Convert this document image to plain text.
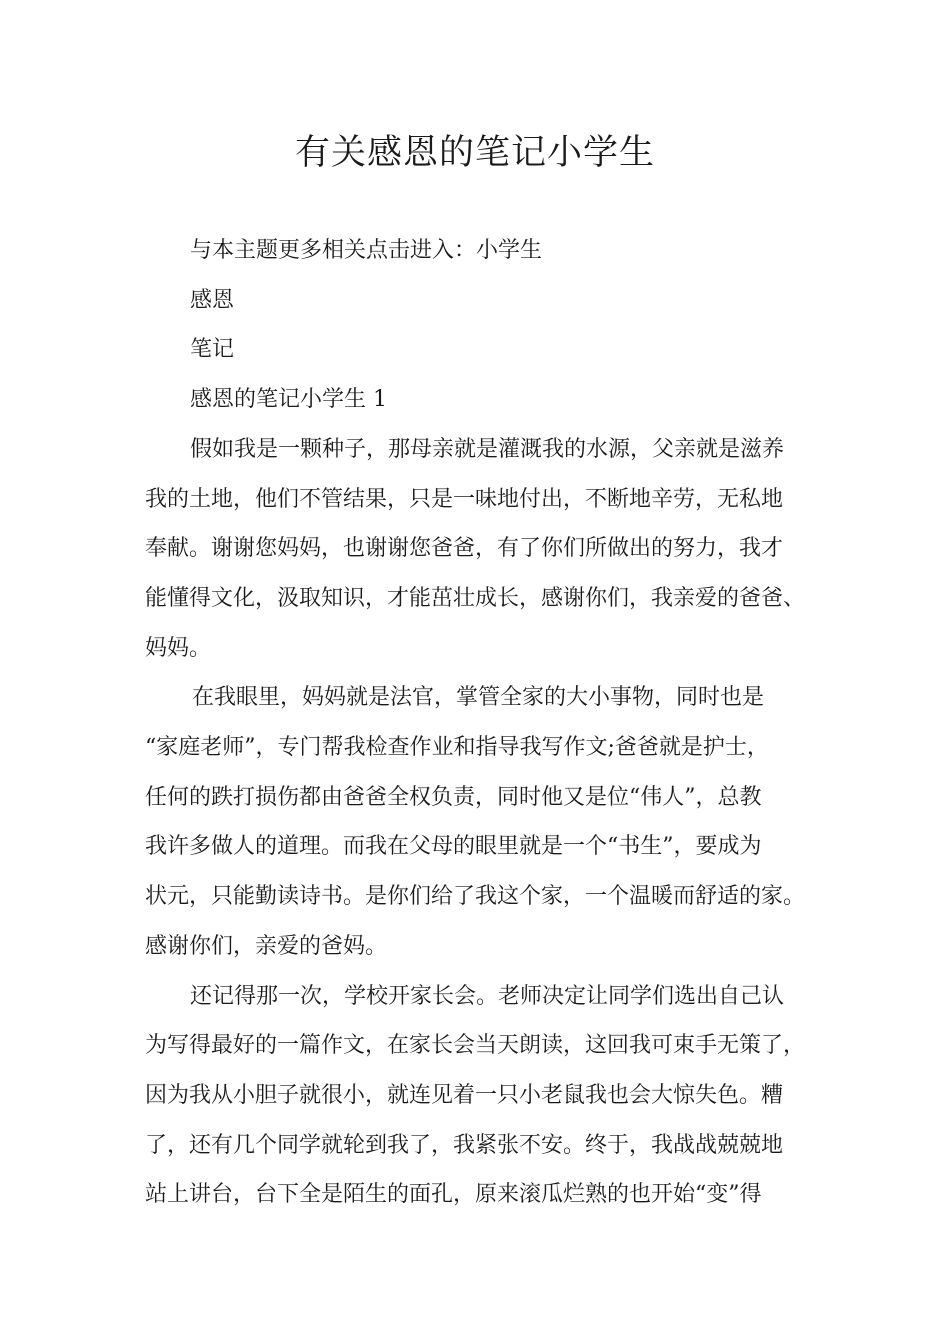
有关感恩的笔记小学生

与本主题更多相关点击进入：小学生

感恩

笔记

感恩的笔记小学生 1

假如我是一颗种子，那母亲就是灌溉我的水源，父亲就是滋养

我的土地，他们不管结果，只是一味地付出，不断地辛劳，无私地

奉献。谢谢您妈妈，也谢谢您爸爸，有了你们所做出的努力，我才

能懂得文化，汲取知识，才能茁壮成长，感谢你们，我亲爱的爸爸、

妈妈。

在我眼里，妈妈就是法官，掌管全家的大小事物，同时也是

“家庭老师”，专门帮我检查作业和指导我写作文;爸爸就是护士，

任何的跌打损伤都由爸爸全权负责，同时他又是位“伟人”，总教

我许多做人的道理。而我在父母的眼里就是一个“书生”，要成为

状元，只能勤读诗书。是你们给了我这个家，一个温暖而舒适的家。

感谢你们，亲爱的爸妈。

还记得那一次，学校开家长会。老师决定让同学们选出自己认

为写得最好的一篇作文，在家长会当天朗读，这回我可束手无策了，

因为我从小胆子就很小，就连见着一只小老鼠我也会大惊失色。糟

了，还有几个同学就轮到我了，我紧张不安。终于，我战战兢兢地

站上讲台，台下全是陌生的面孔，原来滚瓜烂熟的也开始“变”得
